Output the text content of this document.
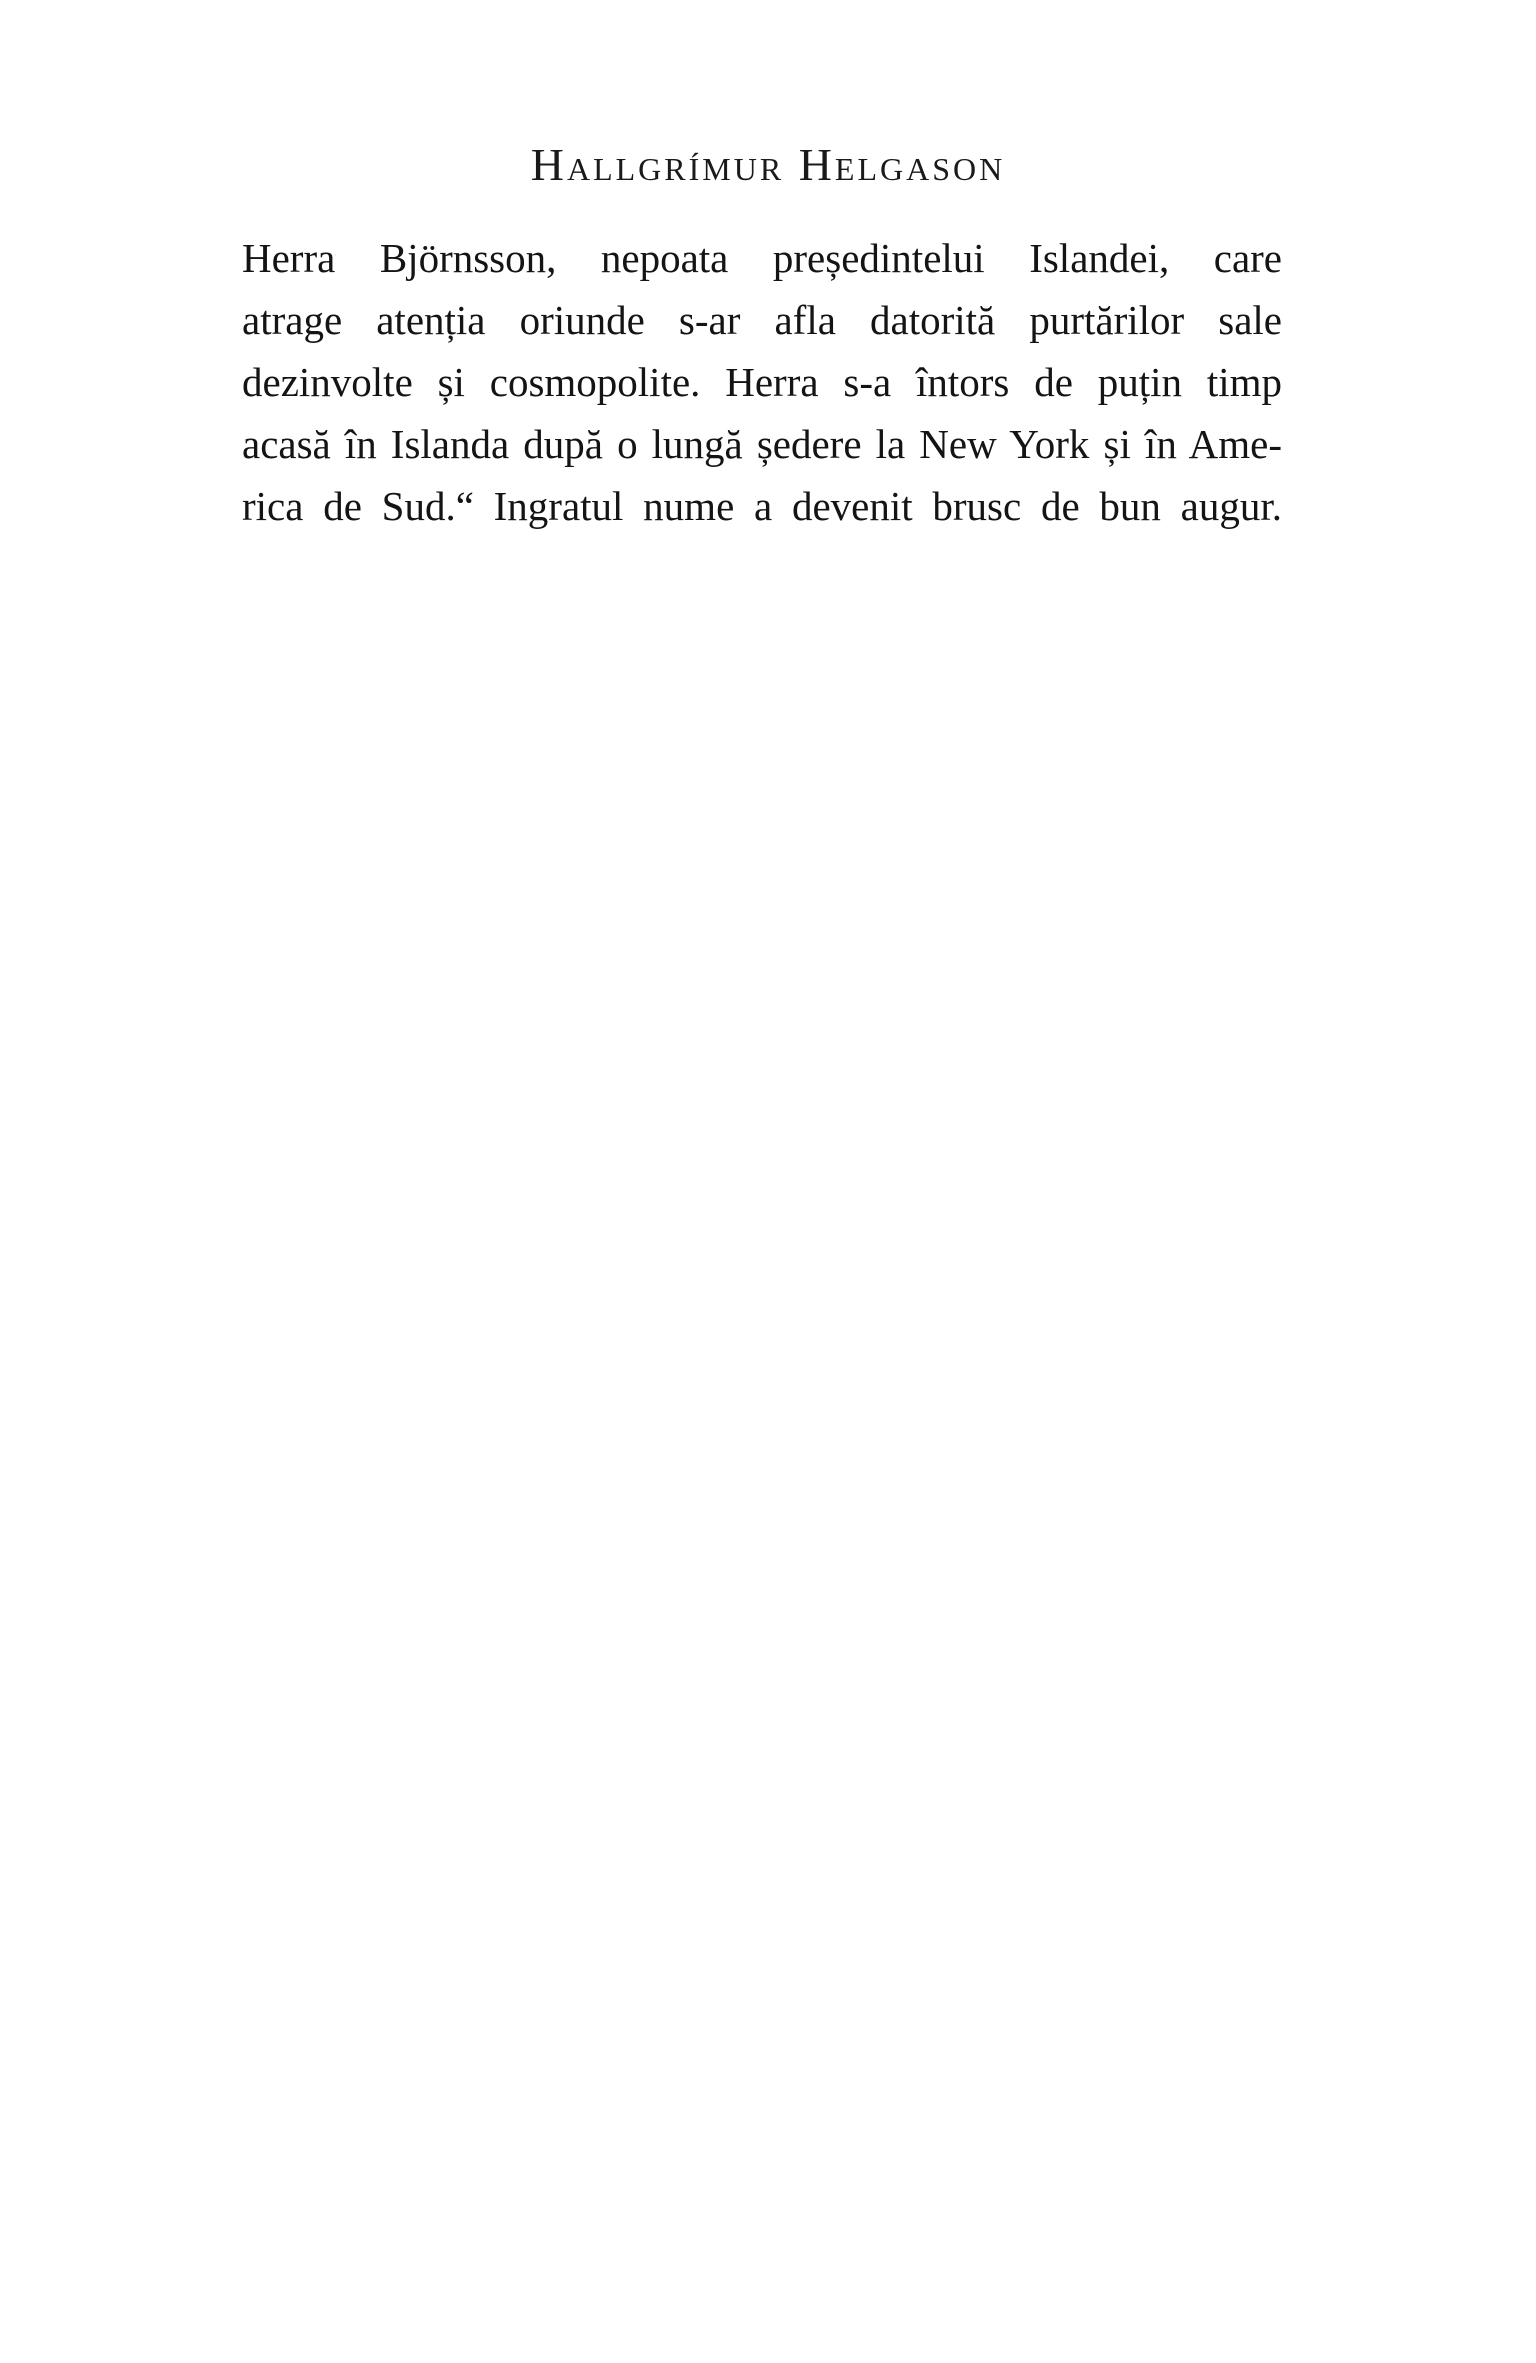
Hallgrímur Helgason
Herra Björnsson, nepoata președintelui Islandei, care
atrage atenția oriunde s-ar afla datorită purtărilor sale
dezinvolte și cosmopolite. Herra s-a întors de puțin timp
acasă în Islanda după o lungă ședere la New York și în Ame-
rica de Sud.“ Ingratul nume a devenit brusc de bun augur.
